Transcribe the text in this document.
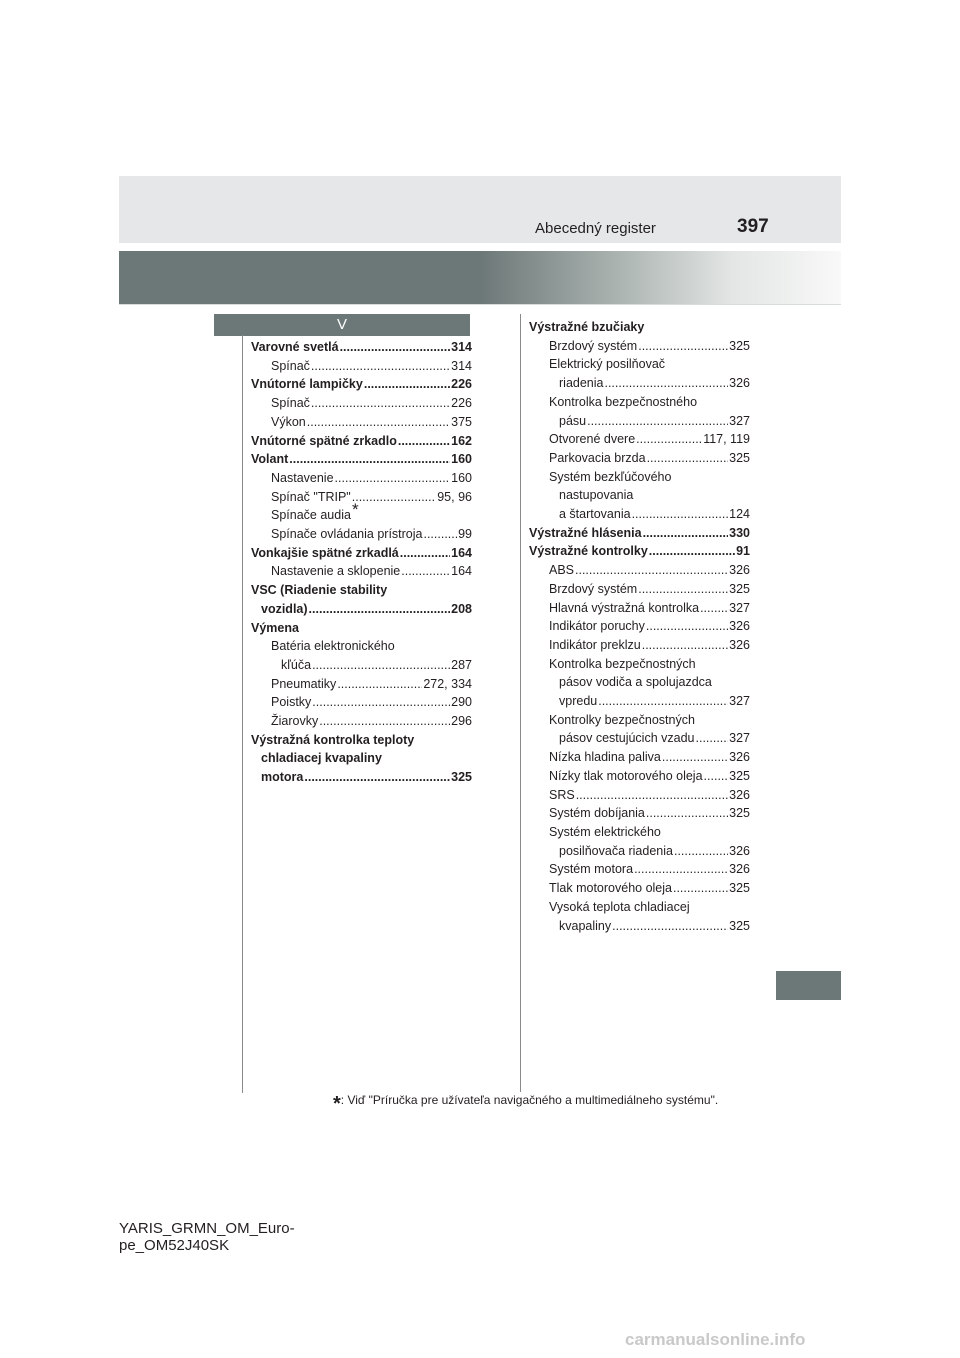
Abecedný register	397
V
Varovné svetlá .....	314
Spínač .....	314
Vnútorné lampičky .....	226
Spínač .....	226
Výkon .....	375
Vnútorné spätné zrkadlo .....	162
Volant .....	160
Nastavenie .....	160
Spínač "TRIP" .....	95, 96
Spínače audia*
Spínače ovládania prístroja .....	99
Vonkajšie spätné zrkadlá .....	164
Nastavenie a sklopenie .....	164
VSC (Riadenie stability
vozidla) .....	208
Výmena
Batéria elektronického
kľúča .....	287
Pneumatiky .....	272, 334
Poistky .....	290
Žiarovky .....	296
Výstražná kontrolka teploty
chladiacej kvapaliny
motora .....	325
Výstražné bzučiaky
Brzdový systém .....	325
Elektrický posilňovač
riadenia .....	326
Kontrolka bezpečnostného
pásu .....	327
Otvorené dvere .....	117, 119
Parkovacia brzda .....	325
Systém bezkľúčového
nastupovania
a štartovania .....	124
Výstražné hlásenia .....	330
Výstražné kontrolky .....	91
ABS .....	326
Brzdový systém .....	325
Hlavná výstražná kontrolka ..... 327
Indikátor poruchy .....	326
Indikátor preklzu .....	326
Kontrolka bezpečnostných
pásov vodiča a spolujazdca
vpredu .....	327
Kontrolky bezpečnostných
pásov cestujúcich vzadu .....	327
Nízka hladina paliva .....	326
Nízky tlak motorového oleja ..... 325
SRS .....	326
Systém dobíjania .....	325
Systém elektrického
posilňovača riadenia .....	326
Systém motora .....	326
Tlak motorového oleja .....	325
Vysoká teplota chladiacej
kvapaliny .....	325
*: Viď "Príručka pre užívateľa navigačného a multimediálneho systému".
YARIS_GRMN_OM_Euro-
pe_OM52J40SK
carmanualsonline.info
